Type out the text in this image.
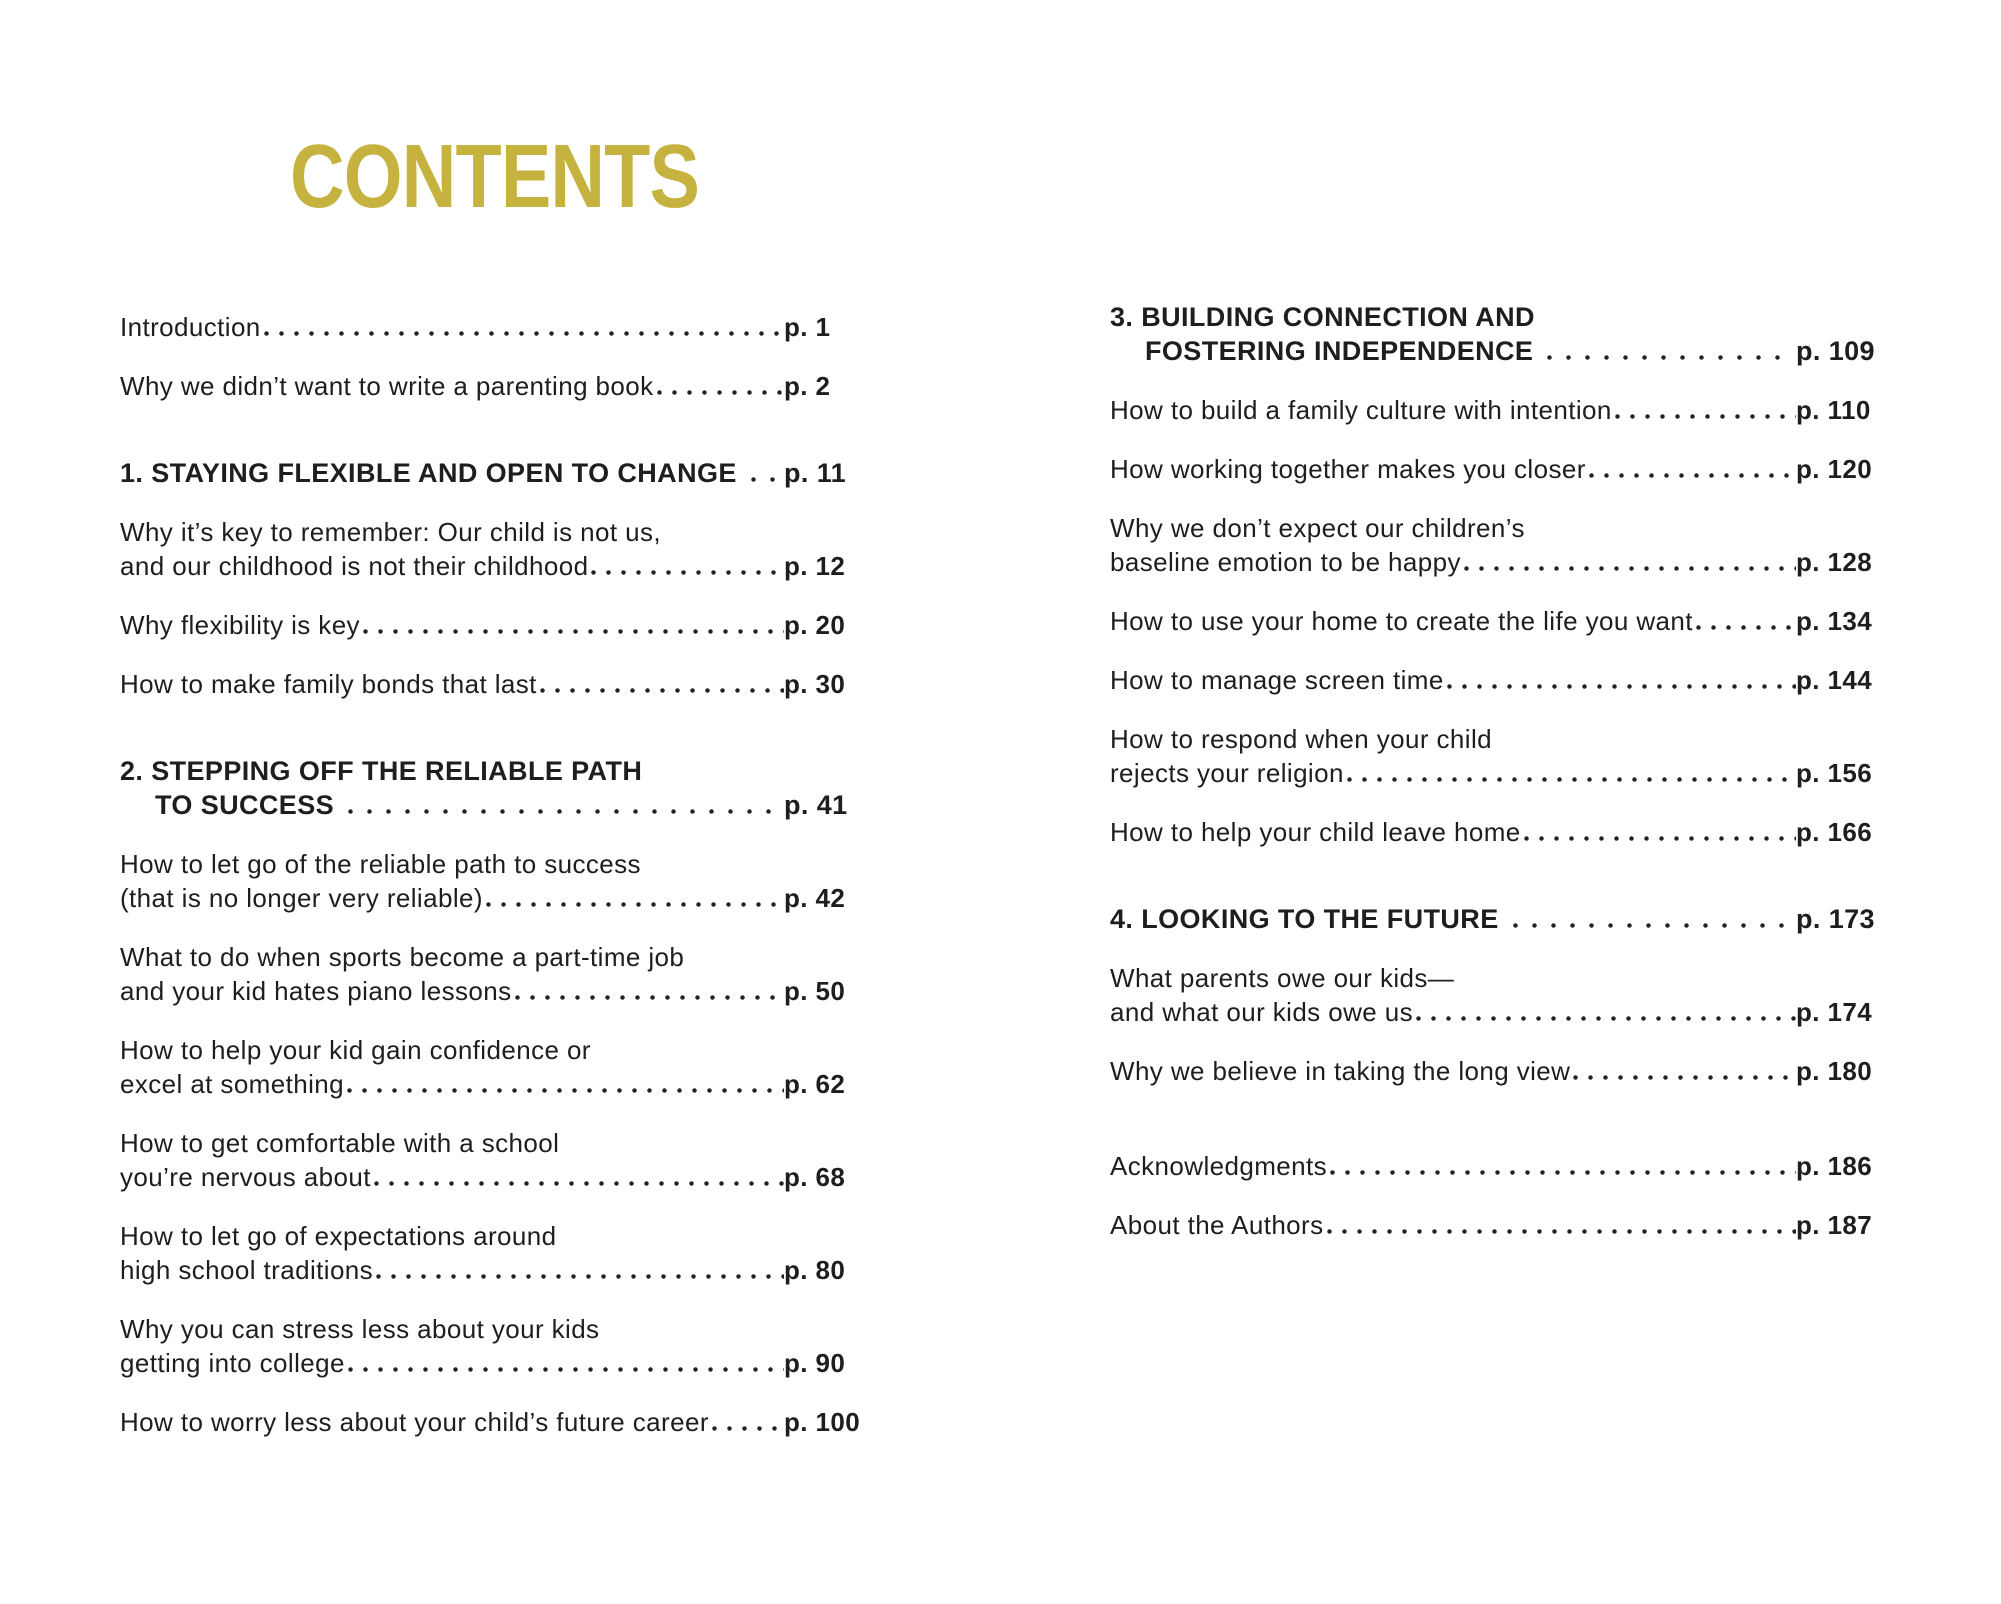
CONTENTS
Introduction	p. 1
Why we didn’t want to write a parenting book	p. 2
1. STAYING FLEXIBLE AND OPEN TO CHANGE p. 11
Why it’s key to remember: Our child is not us,
and our childhood is not their childhood	p. 12
Why flexibility is key	p. 20
How to make family bonds that last	p. 30
2. STEPPING OFF THE RELIABLE PATH
TO SUCCESS	p. 41
How to let go of the reliable path to success
(that is no longer very reliable)	p. 42
What to do when sports become a part-time job
and your kid hates piano lessons	p. 50
How to help your kid gain confidence or
excel at something	p. 62
How to get comfortable with a school
you’re nervous about	p. 68
How to let go of expectations around
high school traditions	p. 80
Why you can stress less about your kids
getting into college	p. 90
How to worry less about your child’s future career	p. 100
3. BUILDING CONNECTION AND
FOSTERING INDEPENDENCE	p. 109
How to build a family culture with intention	p. 110
How working together makes you closer	p. 120
Why we don’t expect our children’s
baseline emotion to be happy	p. 128
How to use your home to create the life you want	p. 134
How to manage screen time	p. 144
How to respond when your child
rejects your religion	p. 156
How to help your child leave home	p. 166
4. LOOKING TO THE FUTURE	p. 173
What parents owe our kids—
and what our kids owe us	p. 174
Why we believe in taking the long view	p. 180
Acknowledgments	p. 186
About the Authors	p. 187
